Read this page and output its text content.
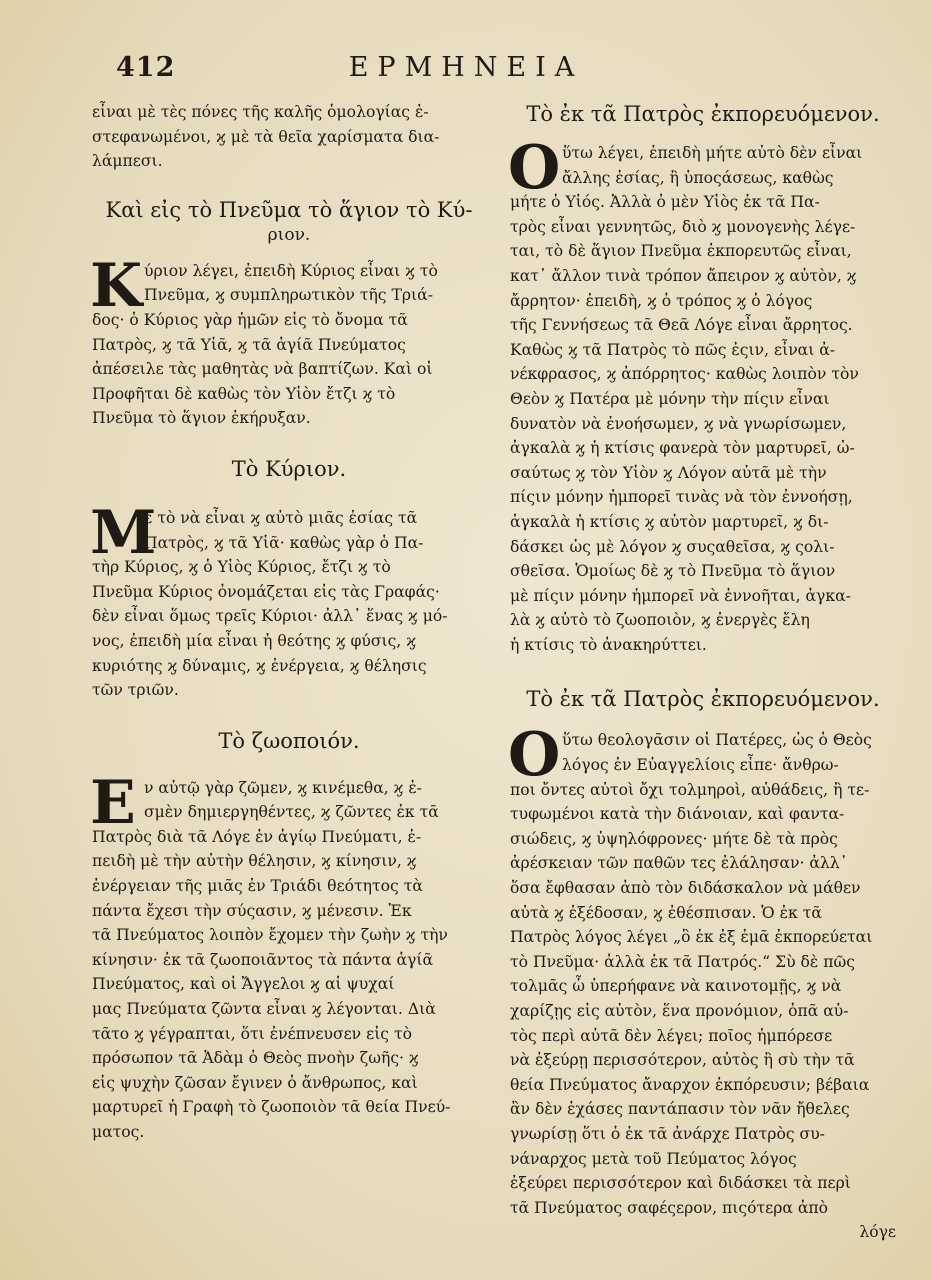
412	ΕΡΜΗΝΕΙΑ

εἶναι μὲ τὲς πόνες τῆς καλῆς ὁμολογίας ἐ-
στεφανωμένοι, ϗ μὲ τὰ θεῖα χαρίσματα δια-
λάμπεσι.

Καὶ εἰς τὸ Πνεῦμα τὸ ἅγιον τὸ Κύ-
ριον.
Κ ύριον λέγει, ἐπειδὴ Κύριος εἶναι ϗ τὸ
Πνεῦμα, ϗ συμπληρωτικὸν τῆς Τριά-
δος· ὁ Κύριος γὰρ ἡμῶν εἰς τὸ ὄνομα τᾶ
Πατρὸς, ϗ τᾶ Υἱᾶ, ϗ τᾶ ἁγίᾶ Πνεύματος
ἀπέσειλε τὰς μαθητὰς νὰ βαπτίζων. Καὶ οἱ
Προφῆται δὲ καθὼς τὸν Υἱὸν ἔτζι ϗ τὸ
Πνεῦμα τὸ ἅγιον ἐκήρυξαν.

Τὸ Κύριον.
Μ

ὲ τὸ νὰ εἶναι ϗ αὐτὸ μιᾶς ἐσίας τᾶ
Πατρὸς, ϗ τᾶ Υἱᾶ· καθὼς γὰρ ὁ Πα-
τὴρ Κύριος, ϗ ὁ Υἱὸς Κύριος, ἔτζι ϗ τὸ
Πνεῦμα Κύριος ὀνομάζεται εἰς τὰς Γραφάς·
δὲν εἶναι ὅμως τρεῖς Κύριοι· ἀλλ᾽ ἕνας ϗ μό-
νος, ἐπειδὴ μία εἶναι ἡ θεότης ϗ φύσις, ϗ
κυριότης ϗ δύναμις, ϗ ἐνέργεια, ϗ θέλησις
τῶν τριῶν.

Τὸ ζωοποιόν.
Ε ν αὐτῷ γὰρ ζῶμεν, ϗ κινέμεθα, ϗ ἐ-
σμὲν δημιεργηθέντες, ϗ ζῶντες ἐκ τᾶ
Πατρὸς διὰ τᾶ Λόγε ἐν ἁγίῳ Πνεύματι, ἐ-
πειδὴ μὲ τὴν αὐτὴν θέλησιν, ϗ κίνησιν, ϗ
ἐνέργειαν τῆς μιᾶς ἐν Τριάδι θεότητος τὰ
πάντα ἔχεσι τὴν σύςασιν, ϗ μένεσιν. Ἐκ
τᾶ Πνεύματος λοιπὸν ἔχομεν τὴν ζωὴν ϗ τὴν
κίνησιν· ἐκ τᾶ ζωοποιᾶντος τὰ πάντα ἁγίᾶ
Πνεύματος, καὶ οἱ Ἄγγελοι ϗ αἱ ψυχαί
μας Πνεύματα ζῶντα εἶναι ϗ λέγονται. Διὰ
τᾶτο ϗ γέγραπται, ὅτι ἐνέπνευσεν εἰς τὸ
πρόσωπον τᾶ Ἀδὰμ ὁ Θεὸς πνοὴν ζωῆς· ϗ
εἰς ψυχὴν ζῶσαν ἔγινεν ὁ ἄνθρωπος, καὶ
μαρτυρεῖ ἡ Γραφὴ τὸ ζωοποιὸν τᾶ θεία Πνεύ-
ματος.

Τὸ ἐκ τᾶ Πατρὸς ἐκπορευόμενον.
Ο ὕτω λέγει, ἐπειδὴ μήτε αὐτὸ δὲν εἶναι
ἄλλης ἐσίας, ἢ ὑποςάσεως, καθὼς
μήτε ὁ Υἱός. Ἀλλὰ ὁ μὲν Υἱὸς ἐκ τᾶ Πα-
τρὸς εἶναι γεννητῶς, διὸ ϗ μονογενὴς λέγε-
ται, τὸ δὲ ἅγιον Πνεῦμα ἐκπορευτῶς εἶναι,
κατ᾽ ἄλλον τινὰ τρόπον ἄπειρον ϗ αὐτὸν, ϗ
ἄρρητον· ἐπειδὴ, ϗ ὁ τρόπος ϗ ὁ λόγος
τῆς Γεννήσεως τᾶ Θεᾶ Λόγε εἶναι ἄρρητος.
Καθὼς ϗ τᾶ Πατρὸς τὸ πῶς ἐςιν, εἶναι ἀ-
νέκφρασος, ϗ ἀπόρρητος· καθὼς λοιπὸν τὸν
Θεὸν ϗ Πατέρα μὲ μόνην τὴν πίςιν εἶναι
δυνατὸν νὰ ἐνοήσωμεν, ϗ νὰ γνωρίσωμεν,
ἀγκαλὰ ϗ ἡ κτίσις φανερὰ τὸν μαρτυρεῖ, ὡ-
σαύτως ϗ τὸν Υἱὸν ϗ Λόγον αὐτᾶ μὲ τὴν
πίςιν μόνην ἠμπορεῖ τινὰς νὰ τὸν ἐννοήσῃ,
ἀγκαλὰ ἡ κτίσις ϗ αὐτὸν μαρτυρεῖ, ϗ δι-
δάσκει ὡς μὲ λόγον ϗ συςαθεῖσα, ϗ ςολι-
σθεῖσα. Ὁμοίως δὲ ϗ τὸ Πνεῦμα τὸ ἅγιον
μὲ πίςιν μόνην ἠμπορεῖ νὰ ἐννοῆται, ἀγκα-
λὰ ϗ αὐτὸ τὸ ζωοποιὸν, ϗ ἐνεργὲς ἔλη
ἡ κτίσις τὸ ἀνακηρύττει.

Τὸ ἐκ τᾶ Πατρὸς ἐκπορευόμενον.
Ο ὕτω θεολογᾶσιν οἱ Πατέρες, ὡς ὁ Θεὸς
λόγος ἐν Εὐαγγελίοις εἶπε· ἄνθρω-
ποι ὄντες αὐτοὶ ὄχι τολμηροὶ, αὐθάδεις, ἢ τε-
τυφωμένοι κατὰ τὴν διάνοιαν, καὶ φαντα-
σιώδεις, ϗ ὑψηλόφρονες· μήτε δὲ τὰ πρὸς
ἀρέσκειαν τῶν παθῶν τες ἐλάλησαν· ἀλλ᾽
ὅσα ἔφθασαν ἀπὸ τὸν διδάσκαλον νὰ μάθεν
αὐτὰ ϗ ἐξέδοσαν, ϗ ἐθέσπισαν. Ὁ ἐκ τᾶ
Πατρὸς λόγος λέγει „ὃ ἐκ ἐξ ἐμᾶ ἐκπορεύεται
τὸ Πνεῦμα· ἀλλὰ ἐκ τᾶ Πατρός.“ Σὺ δὲ πῶς
τολμᾶς ὦ ὑπερήφανε νὰ καινοτομῇς, ϗ νὰ
χαρίζῃς εἰς αὐτὸν, ἕνα προνόμιον, ὁπᾶ αὐ-
τὸς περὶ αὐτᾶ δὲν λέγει; ποῖος ἠμπόρεσε
νὰ ἐξεύρῃ περισσότερον, αὐτὸς ἢ σὺ τὴν τᾶ
θεία Πνεύματος ἄναρχον ἐκπόρευσιν; βέβαια
ἂν δὲν ἐχάσες παντάπασιν τὸν νᾶν ἤθελες
γνωρίσῃ ὅτι ὁ ἐκ τᾶ ἀνάρχε Πατρὸς συ-
νάναρχος μετὰ τοῦ Πεύματος λόγος
ἐξεύρει περισσότερον καὶ διδάσκει τὰ περὶ
τᾶ Πνεύματος σαφέςερον, πιςότερα ἀπὸ
λόγε
